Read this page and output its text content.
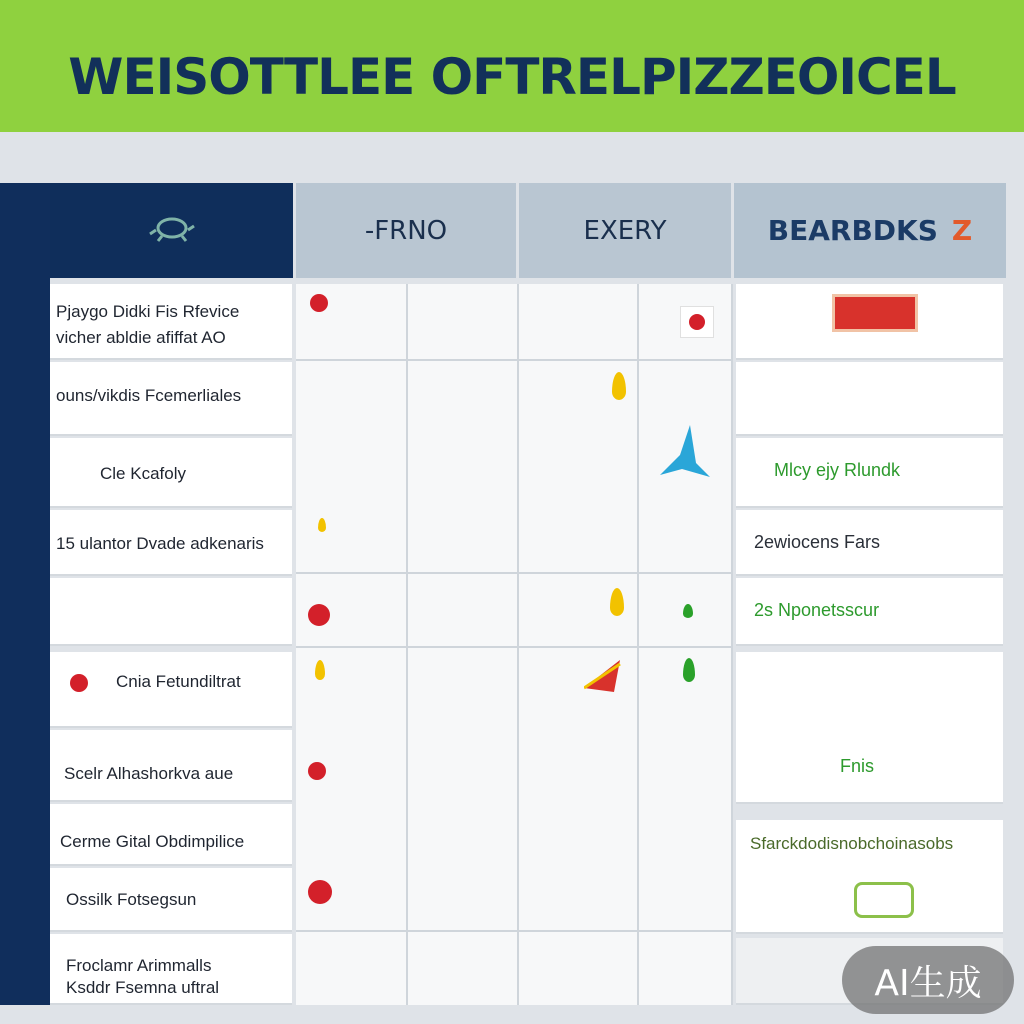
WEISOTTLEE OFTRELPIZZEOICEL
-FRNO	EXERY	BEARBDKS Z
Pjaygo Didki Fis Rfevice
vicher abldie afiffat AO
ouns/vikdis Fcemerliales
Cle Kcafoly
15 ulantor Dvade adkenaris
Cnia Fetundiltrat
Scelr Alhashorkva aue
Cerme Gital Obdimpilice
Ossilk Fotsegsun
Froclamr Arimmalls
Ksddr Fsemna uftral
Mlcy ejy Rlundk
2ewiocens Fars
2s Nponetsscur
Fnis
Sfarckdodisnobchoinasobs
AI生成
